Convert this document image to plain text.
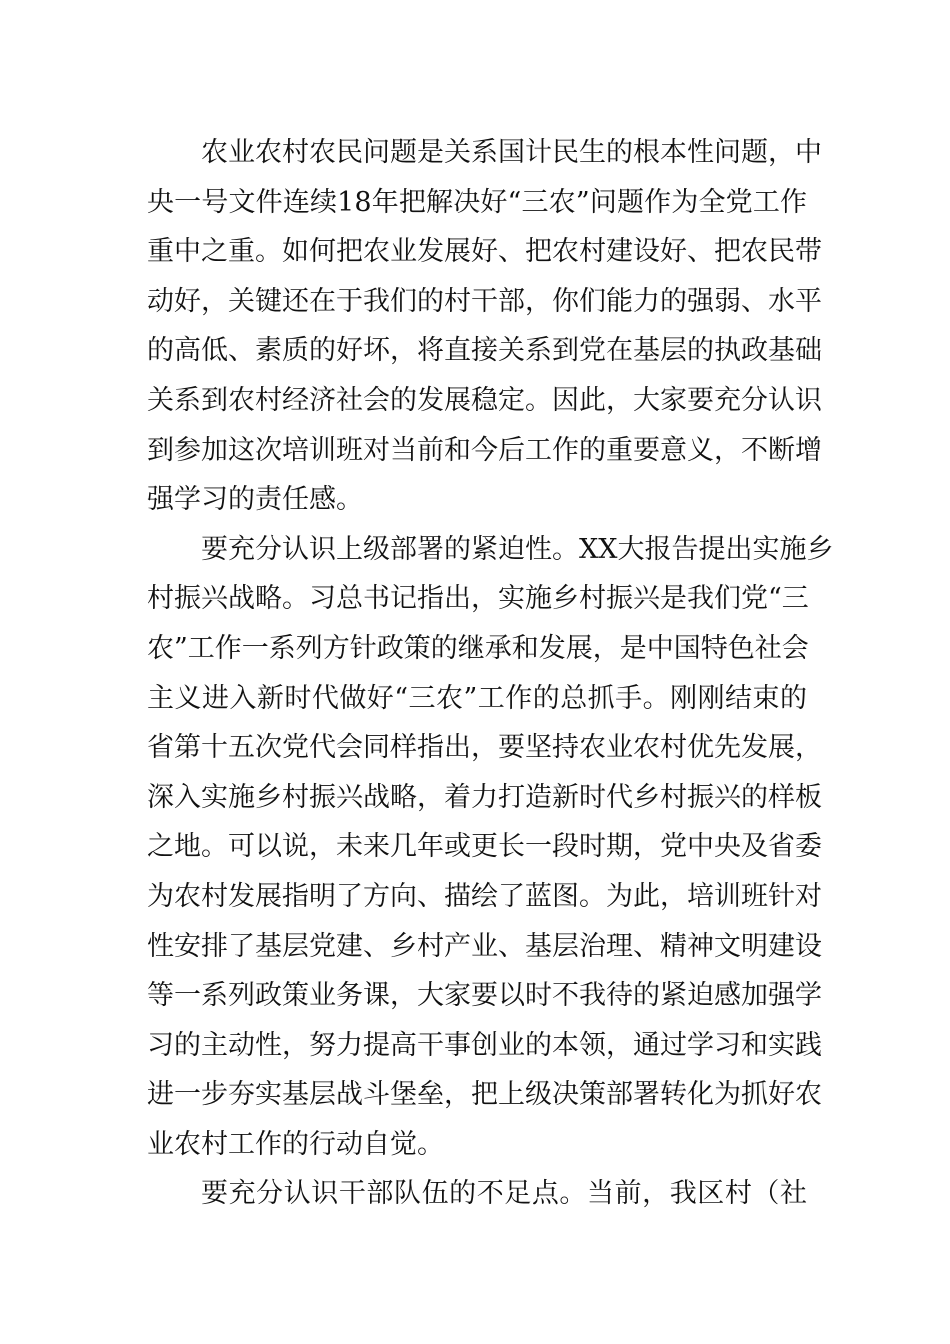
农业农村农民问题是关系国计民生的根本性问题，中
央一号文件连续18年把解决好“三农”问题作为全党工作
重中之重。如何把农业发展好、把农村建设好、把农民带
动好，关键还在于我们的村干部，你们能力的强弱、水平
的高低、素质的好坏，将直接关系到党在基层的执政基础
关系到农村经济社会的发展稳定。因此，大家要充分认识
到参加这次培训班对当前和今后工作的重要意义，不断增
强学习的责任感。
要充分认识上级部署的紧迫性。XX大报告提出实施乡
村振兴战略。习总书记指出，实施乡村振兴是我们党“三
农”工作一系列方针政策的继承和发展，是中国特色社会
主义进入新时代做好“三农”工作的总抓手。刚刚结束的
省第十五次党代会同样指出，要坚持农业农村优先发展，
深入实施乡村振兴战略，着力打造新时代乡村振兴的样板
之地。可以说，未来几年或更长一段时期，党中央及省委
为农村发展指明了方向、描绘了蓝图。为此，培训班针对
性安排了基层党建、乡村产业、基层治理、精神文明建设
等一系列政策业务课，大家要以时不我待的紧迫感加强学
习的主动性，努力提高干事创业的本领，通过学习和实践
进一步夯实基层战斗堡垒，把上级决策部署转化为抓好农
业农村工作的行动自觉。
要充分认识干部队伍的不足点。当前，我区村（社
